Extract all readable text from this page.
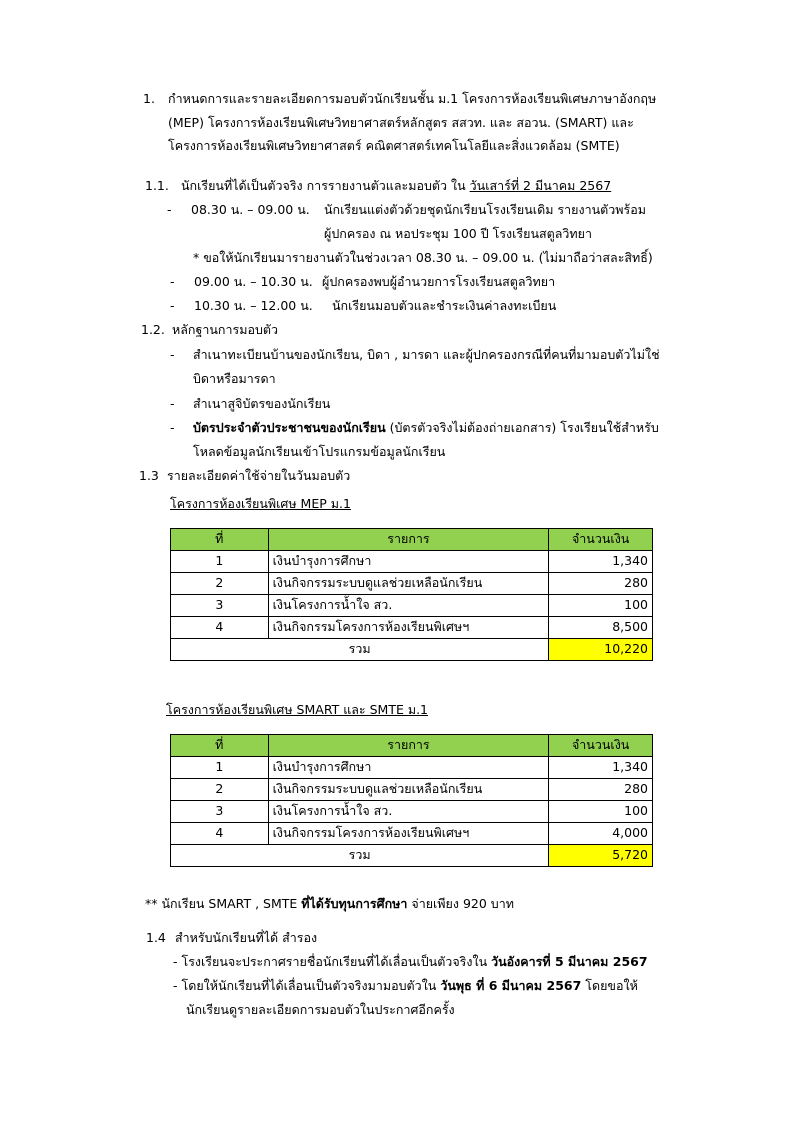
1. กำหนดการและรายละเอียดการมอบตัวนักเรียนชั้น ม.1 โครงการห้องเรียนพิเศษภาษาอังกฤษ
(MEP) โครงการห้องเรียนพิเศษวิทยาศาสตร์หลักสูตร สสวท. และ สอวน. (SMART) และ
โครงการห้องเรียนพิเศษวิทยาศาสตร์ คณิตศาสตร์เทคโนโลยีและสิ่งแวดล้อม (SMTE)
1.1. นักเรียนที่ได้เป็นตัวจริง การรายงานตัวและมอบตัว ใน วันเสาร์ที่ 2 มีนาคม 2567
- 08.30 น. – 09.00 น. นักเรียนแต่งตัวด้วยชุดนักเรียนโรงเรียนเดิม รายงานตัวพร้อม
ผู้ปกครอง ณ หอประชุม 100 ปี โรงเรียนสตูลวิทยา
* ขอให้นักเรียนมารายงานตัวในช่วงเวลา 08.30 น. – 09.00 น. (ไม่มาถือว่าสละสิทธิ์)
- 09.00 น. – 10.30 น. ผู้ปกครองพบผู้อำนวยการโรงเรียนสตูลวิทยา
- 10.30 น. – 12.00 น. นักเรียนมอบตัวและชำระเงินค่าลงทะเบียน
1.2. หลักฐานการมอบตัว
- สำเนาทะเบียนบ้านของนักเรียน, บิดา , มารดา และผู้ปกครองกรณีที่คนที่มามอบตัวไม่ใช่
บิดาหรือมารดา
- สำเนาสูจิบัตรของนักเรียน
- บัตรประจำตัวประชาชนของนักเรียน (บัตรตัวจริงไม่ต้องถ่ายเอกสาร) โรงเรียนใช้สำหรับ
โหลดข้อมูลนักเรียนเข้าโปรแกรมข้อมูลนักเรียน
1.3 รายละเอียดค่าใช้จ่ายในวันมอบตัว
โครงการห้องเรียนพิเศษ MEP ม.1
ที่	รายการ	จำนวนเงิน
1	เงินบำรุงการศึกษา	1,340
2	เงินกิจกรรมระบบดูแลช่วยเหลือนักเรียน	280
3	เงินโครงการน้ำใจ สว.	100
4	เงินกิจกรรมโครงการห้องเรียนพิเศษฯ	8,500
รวม		10,220
โครงการห้องเรียนพิเศษ SMART และ SMTE ม.1
ที่	รายการ	จำนวนเงิน
1	เงินบำรุงการศึกษา	1,340
2	เงินกิจกรรมระบบดูแลช่วยเหลือนักเรียน	280
3	เงินโครงการน้ำใจ สว.	100
4	เงินกิจกรรมโครงการห้องเรียนพิเศษฯ	4,000
รวม		5,720
** นักเรียน SMART , SMTE ที่ได้รับทุนการศึกษา จ่ายเพียง 920 บาท
1.4 สำหรับนักเรียนที่ได้ สำรอง
- โรงเรียนจะประกาศรายชื่อนักเรียนที่ได้เลื่อนเป็นตัวจริงใน วันอังคารที่ 5 มีนาคม 2567
- โดยให้นักเรียนที่ได้เลื่อนเป็นตัวจริงมามอบตัวใน วันพุธ ที่ 6 มีนาคม 2567 โดยขอให้
นักเรียนดูรายละเอียดการมอบตัวในประกาศอีกครั้ง
